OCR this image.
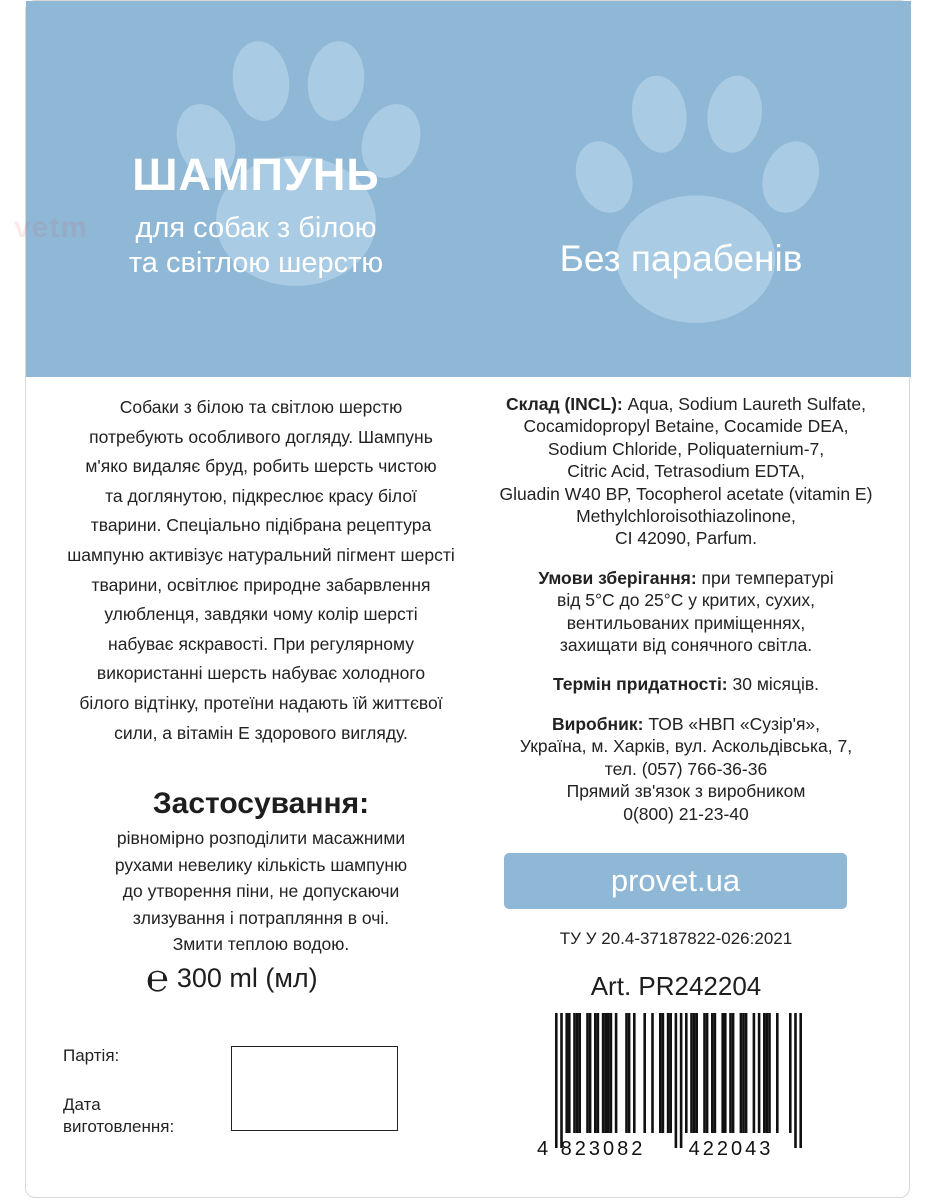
vetm
ШАМПУНЬ
для собак з білою
та світлою шерстю	Без парабенів
Собаки з білою та світлою шерстю
потребують особливого догляду. Шампунь
м'яко видаляє бруд, робить шерсть чистою
та доглянутою, підкреслює красу білої
тварини. Спеціально підібрана рецептура
шампуню активізує натуральний пігмент шерсті
тварини, освітлює природне забарвлення
улюбленця, завдяки чому колір шерсті
набуває яскравості. При регулярному
використанні шерсть набуває холодного
білого відтінку, протеїни надають їй життєвої
сили, а вітамін Е здорового вигляду.
Застосування:
рівномірно розподілити масажними
рухами невелику кількість шампуню
до утворення піни, не допускаючи
злизування і потрапляння в очі.
Змити теплою водою.
℮ 300 ml (мл)
Партія:
Дата
виготовлення:
Склад (INCL): Aqua, Sodium Laureth Sulfate,
Cocamidopropyl Betaine, Cocamide DEA,
Sodium Chloride, Poliquaternium-7,
Citric Acid, Tetrasodium EDTA,
Gluadin W40 BP, Tocopherol acetate (vitamin E)
Methylchloroisothiazolinone,
CI 42090, Parfum.
Умови зберігання: при температурі
від 5°С до 25°С у критих, сухих,
вентильованих приміщеннях,
захищати від сонячного світла.
Термін придатності: 30 місяців.
Виробник: ТОВ «НВП «Сузір'я»,
Україна, м. Харків, вул. Аскольдівська, 7,
тел. (057) 766-36-36
Прямий зв'язок з виробником
0(800) 21-23-40
provet.ua
ТУ У 20.4-37187822-026:2021
Art. PR242204
4 823082 422043
